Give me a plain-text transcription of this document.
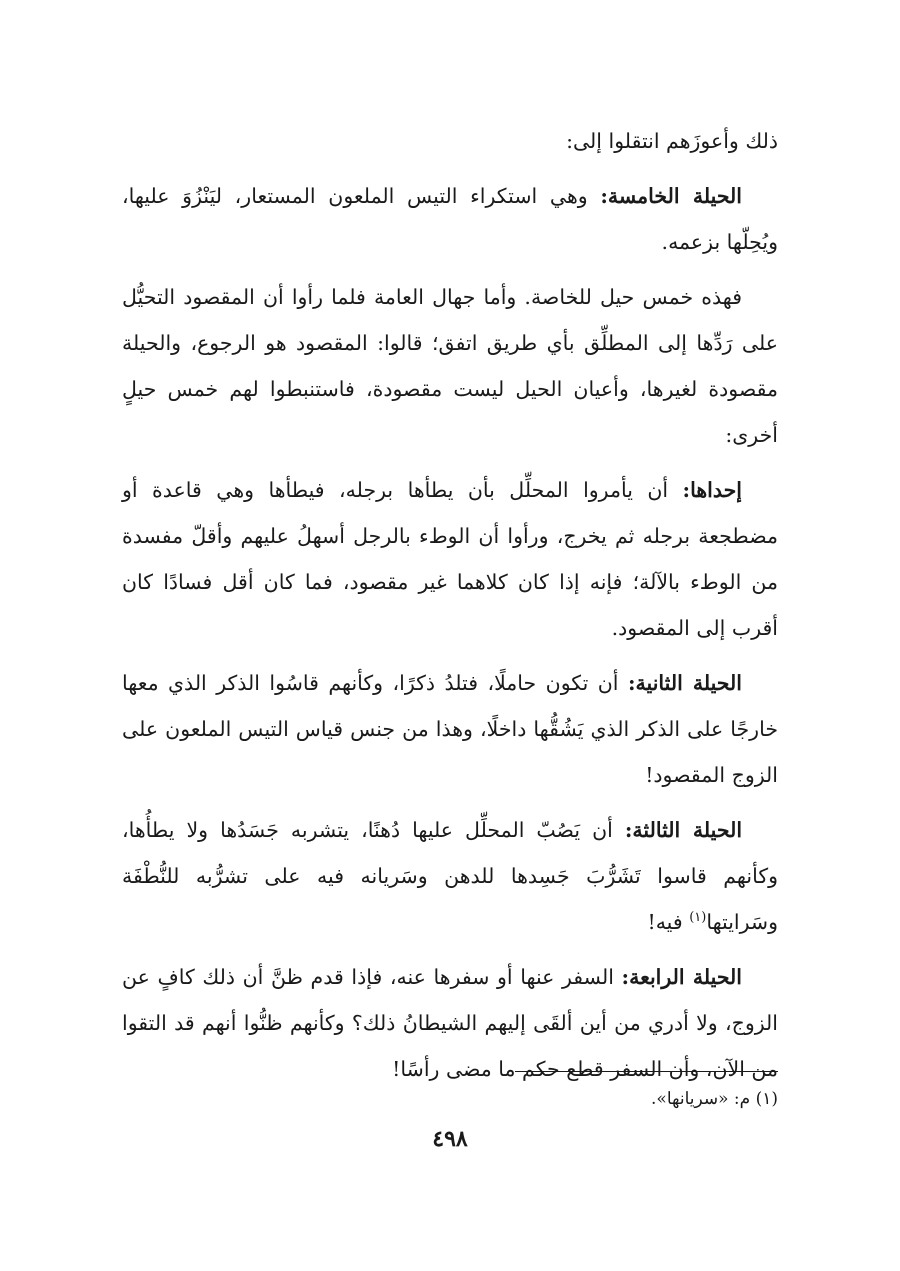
ذلك وأعوزَهم انتقلوا إلى:

الحيلة الخامسة: وهي استكراء التيس الملعون المستعار، ليَنْزُوَ عليها، ويُحِلّها بزعمه.

فهذه خمس حيل للخاصة. وأما جهال العامة فلما رأوا أن المقصود التحيُّل على رَدِّها إلى المطلِّق بأي طريق اتفق؛ قالوا: المقصود هو الرجوع، والحيلة مقصودة لغيرها، وأعيان الحيل ليست مقصودة، فاستنبطوا لهم خمس حيلٍ أخرى:

إحداها: أن يأمروا المحلِّل بأن يطأها برجله، فيطأها وهي قاعدة أو مضطجعة برجله ثم يخرج، ورأوا أن الوطء بالرجل أسهلُ عليهم وأقلّ مفسدة من الوطء بالآلة؛ فإنه إذا كان كلاهما غير مقصود، فما كان أقل فسادًا كان أقرب إلى المقصود.

الحيلة الثانية: أن تكون حاملًا، فتلدُ ذكرًا، وكأنهم قاسُوا الذكر الذي معها خارجًا على الذكر الذي يَشُقُّها داخلًا، وهذا من جنس قياس التيس الملعون على الزوج المقصود!

الحيلة الثالثة: أن يَصُبّ المحلِّل عليها دُهنًا، يتشربه جَسَدُها ولا يطأُها، وكأنهم قاسوا تَشَرُّبَ جَسِدها للدهن وسَريانه فيه على تشرُّبه للنُّطْفَة وسَرايتها$^{(١)}$ فيه!

الحيلة الرابعة: السفر عنها أو سفرها عنه، فإذا قدم ظنَّ أن ذلك كافٍ عن الزوج، ولا أدري من أين ألقَى إليهم الشيطانُ ذلك؟ وكأنهم ظنُّوا أنهم قد التقوا من الآن، وأن السفر قطع حكم ما مضى رأسًا!

(١) م: «سريانها».
٤٩٨
